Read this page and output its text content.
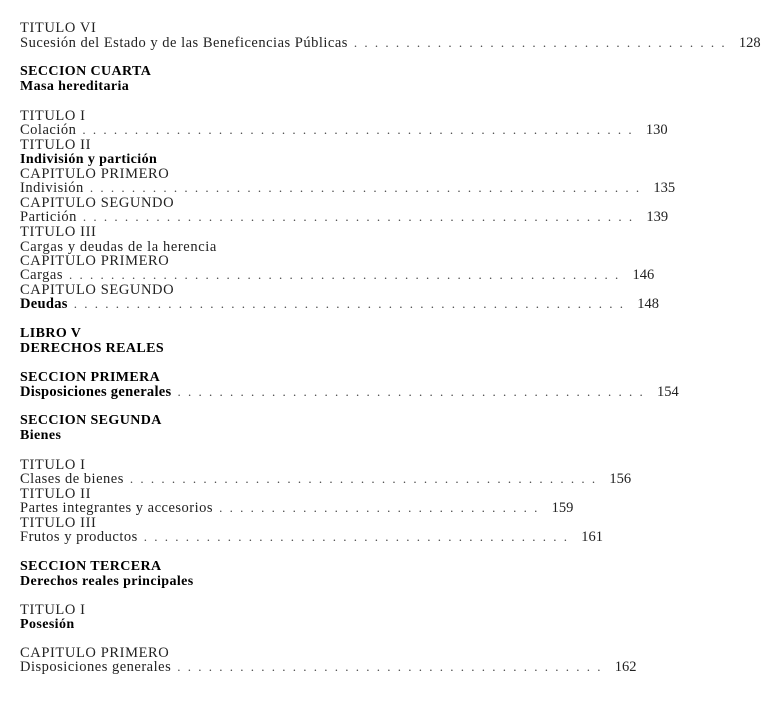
TITULO VI
Sucesión del Estado y de las Beneficencias Públicas . . . . . . . . . . . . . . . . . . . . . . . . . . . . . . . . . . . . 128
SECCION CUARTA
Masa hereditaria
TITULO I
Colación . . . . . . . . . . . . . . . . . . . . . . . . . . . . . . . . . . . . . . . . . . . . . . . . . . . . . 130
TITULO II
Indivisión y partición
CAPITULO PRIMERO
Indivisión . . . . . . . . . . . . . . . . . . . . . . . . . . . . . . . . . . . . . . . . . . . . . . . . . . . . . 135
CAPITULO SEGUNDO
Partición . . . . . . . . . . . . . . . . . . . . . . . . . . . . . . . . . . . . . . . . . . . . . . . . . . . . . 139
TITULO III
Cargas y deudas de la herencia
CAPITULO PRIMERO
Cargas . . . . . . . . . . . . . . . . . . . . . . . . . . . . . . . . . . . . . . . . . . . . . . . . . . . . . 146
CAPITULO SEGUNDO
Deudas . . . . . . . . . . . . . . . . . . . . . . . . . . . . . . . . . . . . . . . . . . . . . . . . . . . . . 148
LIBRO V
DERECHOS REALES
SECCION PRIMERA
Disposiciones generales . . . . . . . . . . . . . . . . . . . . . . . . . . . . . . . . . . . . . . . . . . . . . 154
SECCION SEGUNDA
Bienes
TITULO I
Clases de bienes . . . . . . . . . . . . . . . . . . . . . . . . . . . . . . . . . . . . . . . . . . . . . 156
TITULO II
Partes integrantes y accesorios . . . . . . . . . . . . . . . . . . . . . . . . . . . . . . . 159
TITULO III
Frutos y productos . . . . . . . . . . . . . . . . . . . . . . . . . . . . . . . . . . . . . . . . . 161
SECCION TERCERA
Derechos reales principales
TITULO I
Posesión
CAPITULO PRIMERO
Disposiciones generales . . . . . . . . . . . . . . . . . . . . . . . . . . . . . . . . . . . . . . . . . 162
